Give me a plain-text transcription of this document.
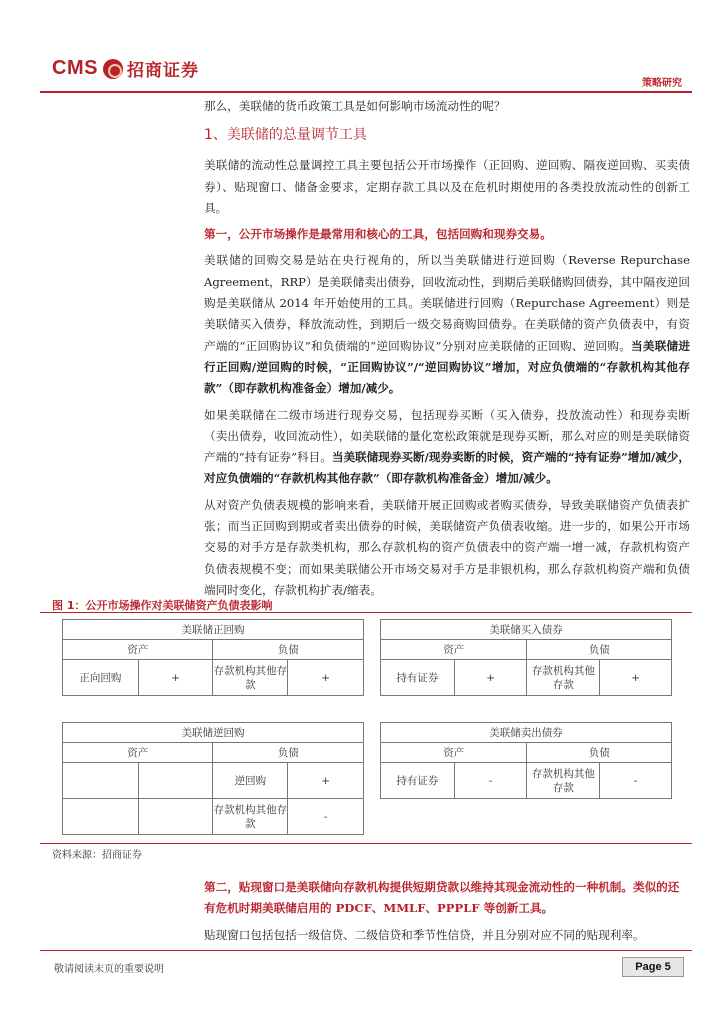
CMS 招商证券
策略研究
那么，美联储的货币政策工具是如何影响市场流动性的呢？
1、美联储的总量调节工具
美联储的流动性总量调控工具主要包括公开市场操作（正回购、逆回购、隔夜逆回购、买卖债券）、贴现窗口、储备金要求，定期存款工具以及在危机时期使用的各类投放流动性的创新工具。
第一，公开市场操作是最常用和核心的工具，包括回购和现券交易。
美联储的回购交易是站在央行视角的，所以当美联储进行逆回购（Reverse Repurchase Agreement，RRP）是美联储卖出债券，回收流动性，到期后美联储购回债券，其中隔夜逆回购是美联储从 2014 年开始使用的工具。美联储进行回购（Repurchase Agreement）则是美联储买入债券，释放流动性，到期后一级交易商购回债券。在美联储的资产负债表中，有资产端的“正回购协议”和负债端的“逆回购协议”分别对应美联储的正回购、逆回购。当美联储进行正回购/逆回购的时候，“正回购协议”/“逆回购协议”增加，对应负债端的“存款机构其他存款”（即存款机构准备金）增加/减少。
如果美联储在二级市场进行现券交易，包括现券买断（买入债券，投放流动性）和现券卖断（卖出债券，收回流动性），如美联储的量化宽松政策就是现券买断，那么对应的则是美联储资产端的“持有证券”科目。当美联储现券买断/现券卖断的时候，资产端的“持有证券”增加/减少，对应负债端的“存款机构其他存款”（即存款机构准备金）增加/减少。
从对资产负债表规模的影响来看，美联储开展正回购或者购买债券，导致美联储资产负债表扩张；而当正回购到期或者卖出债券的时候，美联储资产负债表收缩。进一步的，如果公开市场交易的对手方是存款类机构，那么存款机构的资产负债表中的资产端一增一减，存款机构资产负债表规模不变；而如果美联储公开市场交易对手方是非银机构，那么存款机构资产端和负债端同时变化，存款机构扩表/缩表。
图 1：公开市场操作对美联储资产负债表影响
美联储正回购			
资产		负债	
正向回购	+	存款机构其他存款	+
美联储买入债券			
资产		负债	
持有证券	+	存款机构其他存款	+
美联储逆回购			
资产		负债	
		逆回购	+
		存款机构其他存款	-
美联储卖出债券			
资产		负债	
持有证券	-	存款机构其他存款	-
资料来源：招商证券
第二，贴现窗口是美联储向存款机构提供短期贷款以维持其现金流动性的一种机制。类似的还有危机时期美联储启用的 PDCF、MMLF、PPPLF 等创新工具。
贴现窗口包括包括一级信贷、二级信贷和季节性信贷，并且分别对应不同的贴现利率。
敬请阅读末页的重要说明	Page 5
